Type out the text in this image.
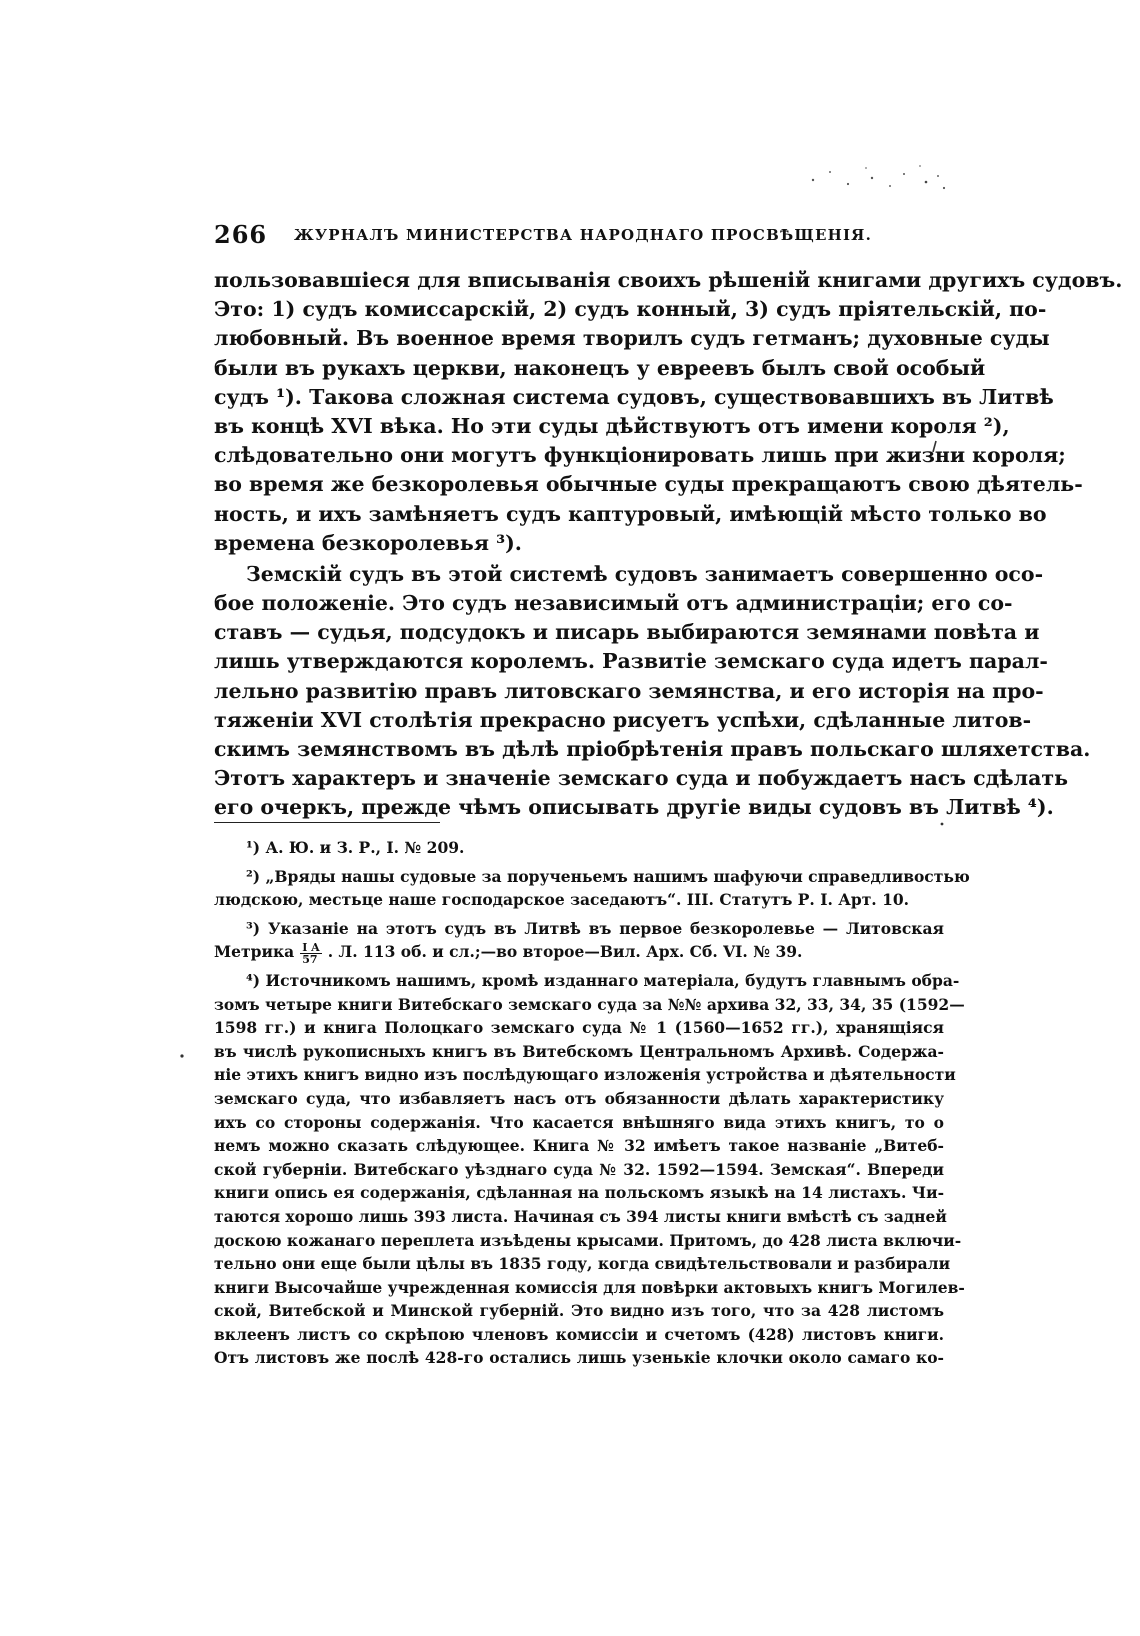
266 ЖУРНАЛЪ МИНИСТЕРСТВА НАРОДНАГО ПРОСВѢЩЕНІЯ.
пользовавшіеся для вписыванія своихъ рѣшеній книгами другихъ судовъ.
Это: 1) судъ комиссарскій, 2) судъ конный, 3) судъ пріятельскій, по-
любовный. Въ военное время творилъ судъ гетманъ; духовные суды
были въ рукахъ церкви, наконецъ у евреевъ былъ свой особый
судъ ¹). Такова сложная система судовъ, существовавшихъ въ Литвѣ
въ концѣ XVI вѣка. Но эти суды дѣйствуютъ отъ имени короля ²),
слѣдовательно они могутъ функціонировать лишь при жизни короля;
во время же безкоролевья обычные суды прекращаютъ свою дѣятель-
ность, и ихъ замѣняетъ судъ каптуровый, имѣющій мѣсто только во
времена безкоролевья ³).
Земскій судъ въ этой системѣ судовъ занимаетъ совершенно осо-
бое положеніе. Это судъ независимый отъ администраціи; его со-
ставъ — судья, подсудокъ и писарь выбираются земянами повѣта и
лишь утверждаются королемъ. Развитіе земскаго суда идетъ парал-
лельно развитію правъ литовскаго земянства, и его исторія на про-
тяженіи XVI столѣтія прекрасно рисуетъ успѣхи, сдѣланные литов-
скимъ земянствомъ въ дѣлѣ пріобрѣтенія правъ польскаго шляхетства.
Этотъ характеръ и значеніе земскаго суда и побуждаетъ насъ сдѣлать
его очеркъ, прежде чѣмъ описывать другіе виды судовъ въ Литвѣ ⁴).
¹) А. Ю. и З. Р., I. № 209.
²) „Вряды нашы судовые за порученьемъ нашимъ шафуючи справедливостью
людскою, местьце наше господарское заседаютъ“. III. Статутъ Р. I. Арт. 10.
³) Указаніе на этотъ судъ въ Литвѣ въ первое безкоролевье — Литовская
Метрика $\frac{\text{I A}}{57}$ . Л. 113 об. и сл.;—во второе—Вил. Арх. Сб. VI. № 39.
⁴) Источникомъ нашимъ, кромѣ изданнаго матеріала, будутъ главнымъ обра-
зомъ четыре книги Витебскаго земскаго суда за №№ архива 32, 33, 34, 35 (1592—
1598 гг.) и книга Полоцкаго земскаго суда № 1 (1560—1652 гг.), хранящіяся
въ числѣ рукописныхъ книгъ въ Витебскомъ Центральномъ Архивѣ. Содержа-
ніе этихъ книгъ видно изъ послѣдующаго изложенія устройства и дѣятельности
земскаго суда, что избавляетъ насъ отъ обязанности дѣлать характеристику
ихъ со стороны содержанія. Что касается внѣшняго вида этихъ книгъ, то о
немъ можно сказать слѣдующее. Книга № 32 имѣетъ такое названіе „Витеб-
ской губерніи. Витебскаго уѣзднаго суда № 32. 1592—1594. Земская“. Впереди
книги опись ея содержанія, сдѣланная на польскомъ языкѣ на 14 листахъ. Чи-
таются хорошо лишь 393 листа. Начиная съ 394 листы книги вмѣстѣ съ задней
доскою кожанаго переплета изъѣдены крысами. Притомъ, до 428 листа включи-
тельно они еще были цѣлы въ 1835 году, когда свидѣтельствовали и разбирали
книги Высочайше учрежденная комиссія для повѣрки актовыхъ книгъ Могилев-
ской, Витебской и Минской губерній. Это видно изъ того, что за 428 листомъ
вклеенъ листъ со скрѣпою членовъ комиссіи и счетомъ (428) листовъ книги.
Отъ листовъ же послѣ 428-го остались лишь узенькіе клочки около самаго ко-
